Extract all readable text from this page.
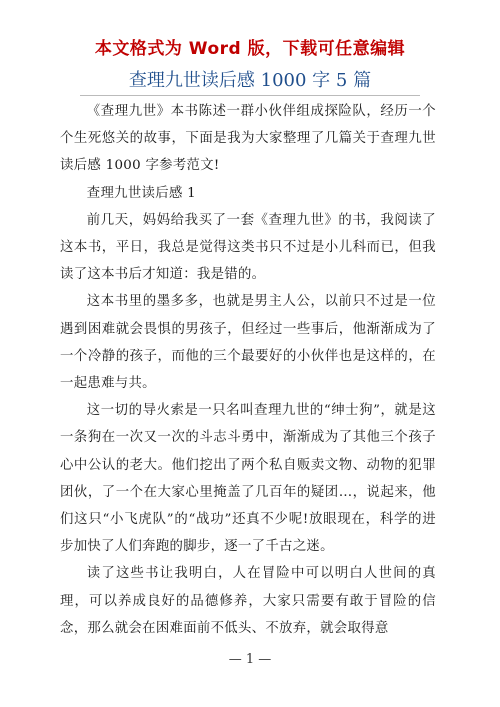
本文格式为 Word 版，下载可任意编辑
查理九世读后感 1000 字 5 篇

《查理九世》本书陈述一群小伙伴组成探险队，经历一个个生死悠关的故事，下面是我为大家整理了几篇关于查理九世读后感 1000 字参考范文!

查理九世读后感 1

前几天，妈妈给我买了一套《查理九世》的书，我阅读了这本书，平日，我总是觉得这类书只不过是小儿科而已，但我读了这本书后才知道：我是错的。

这本书里的墨多多，也就是男主人公，以前只不过是一位遇到困难就会畏惧的男孩子，但经过一些事后，他渐渐成为了一个冷静的孩子，而他的三个最要好的小伙伴也是这样的，在一起患难与共。

这一切的导火索是一只名叫查理九世的“绅士狗”，就是这一条狗在一次又一次的斗志斗勇中，渐渐成为了其他三个孩子心中公认的老大。他们挖出了两个私自贩卖文物、动物的犯罪团伙，了一个在大家心里掩盖了几百年的疑团…，说起来，他们这只“小飞虎队”的“战功”还真不少呢!放眼现在，科学的进步加快了人们奔跑的脚步，逐一了千古之迷。

读了这些书让我明白，人在冒险中可以明白人世间的真理，可以养成良好的品德修养，大家只需要有敢于冒险的信念，那么就会在困难面前不低头、不放弃，就会取得意

— 1 —
